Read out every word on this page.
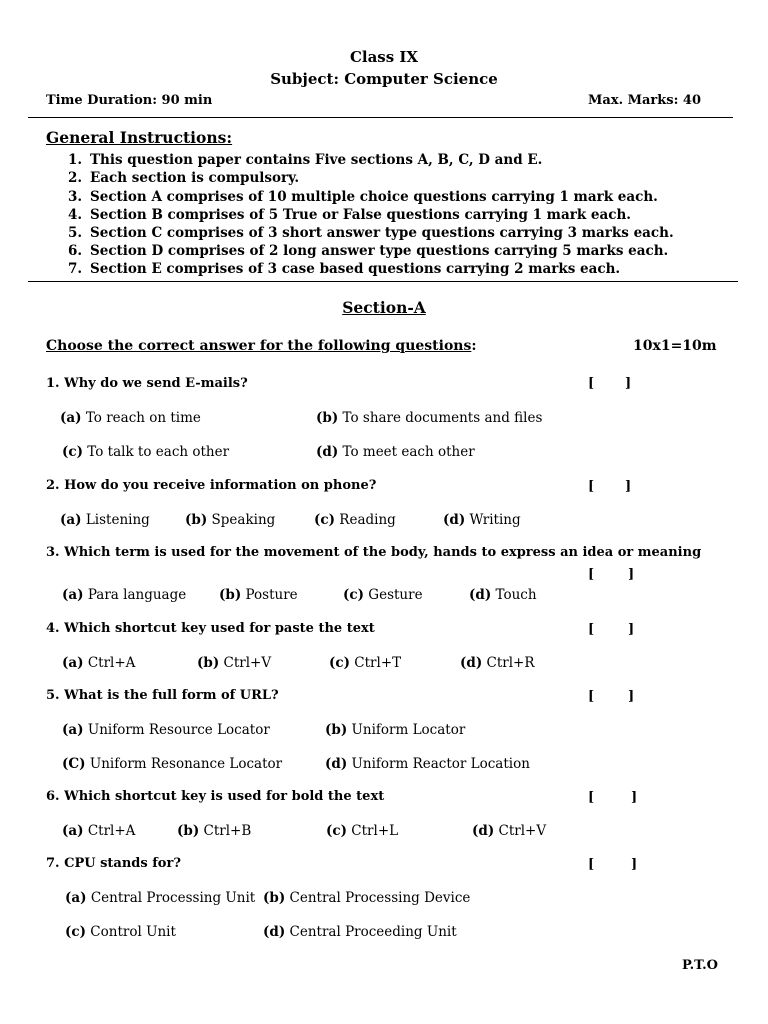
Class IX
Subject: Computer Science
Time Duration: 90 min	Max. Marks: 40
General Instructions:
1. This question paper contains Five sections A, B, C, D and E.
2. Each section is compulsory.
3. Section A comprises of 10 multiple choice questions carrying 1 mark each.
4. Section B comprises of 5 True or False questions carrying 1 mark each.
5. Section C comprises of 3 short answer type questions carrying 3 marks each.
6. Section D comprises of 2 long answer type questions carrying 5 marks each.
7. Section E comprises of 3 case based questions carrying 2 marks each.
Section-A
Choose the correct answer for the following questions:	10x1=10m
1. Why do we send E-mails?	[ ]
(a) To reach on time	(b) To share documents and files
(c) To talk to each other	(d) To meet each other
2. How do you receive information on phone?	[ ]
(a) Listening	(b) Speaking	(c) Reading	(d) Writing
3. Which term is used for the movement of the body, hands to express an idea or meaning
[	]
(a) Para language (b) Posture	(c) Gesture	(d) Touch
4. Which shortcut key used for paste the text	[	]
(a) Ctrl+A	(b) Ctrl+V	(c) Ctrl+T	(d) Ctrl+R
5. What is the full form of URL?	[	]
(a) Uniform Resource Locator	(b) Uniform Locator
(C) Uniform Resonance Locator	(d) Uniform Reactor Location
6. Which shortcut key is used for bold the text	[	]
(a) Ctrl+A	(b) Ctrl+B	(c) Ctrl+L	(d) Ctrl+V
7. CPU stands for?	[	]
(a) Central Processing Unit (b) Central Processing Device
(c) Control Unit	(d) Central Proceeding Unit
P.T.O
